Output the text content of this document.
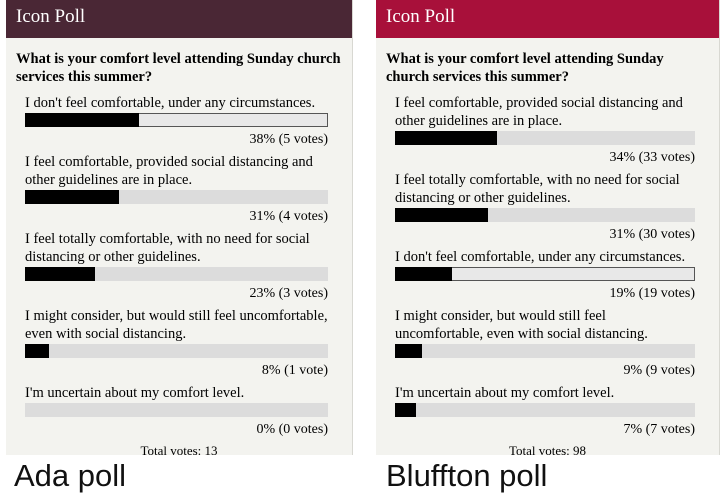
Icon Poll
What is your comfort level attending Sunday church services this summer?
I don't feel comfortable, under any circumstances.
38% (5 votes)
I feel comfortable, provided social distancing and other guidelines are in place.
31% (4 votes)
I feel totally comfortable, with no need for social distancing or other guidelines.
23% (3 votes)
I might consider, but would still feel uncomfortable, even with social distancing.
8% (1 vote)
I'm uncertain about my comfort level.
0% (0 votes)
Total votes: 13
Icon Poll
What is your comfort level attending Sunday church services this summer?
I feel comfortable, provided social distancing and other guidelines are in place.
34% (33 votes)
I feel totally comfortable, with no need for social distancing or other guidelines.
31% (30 votes)
I don't feel comfortable, under any circumstances.
19% (19 votes)
I might consider, but would still feel uncomfortable, even with social distancing.
9% (9 votes)
I'm uncertain about my comfort level.
7% (7 votes)
Total votes: 98
Ada poll	Bluffton poll
